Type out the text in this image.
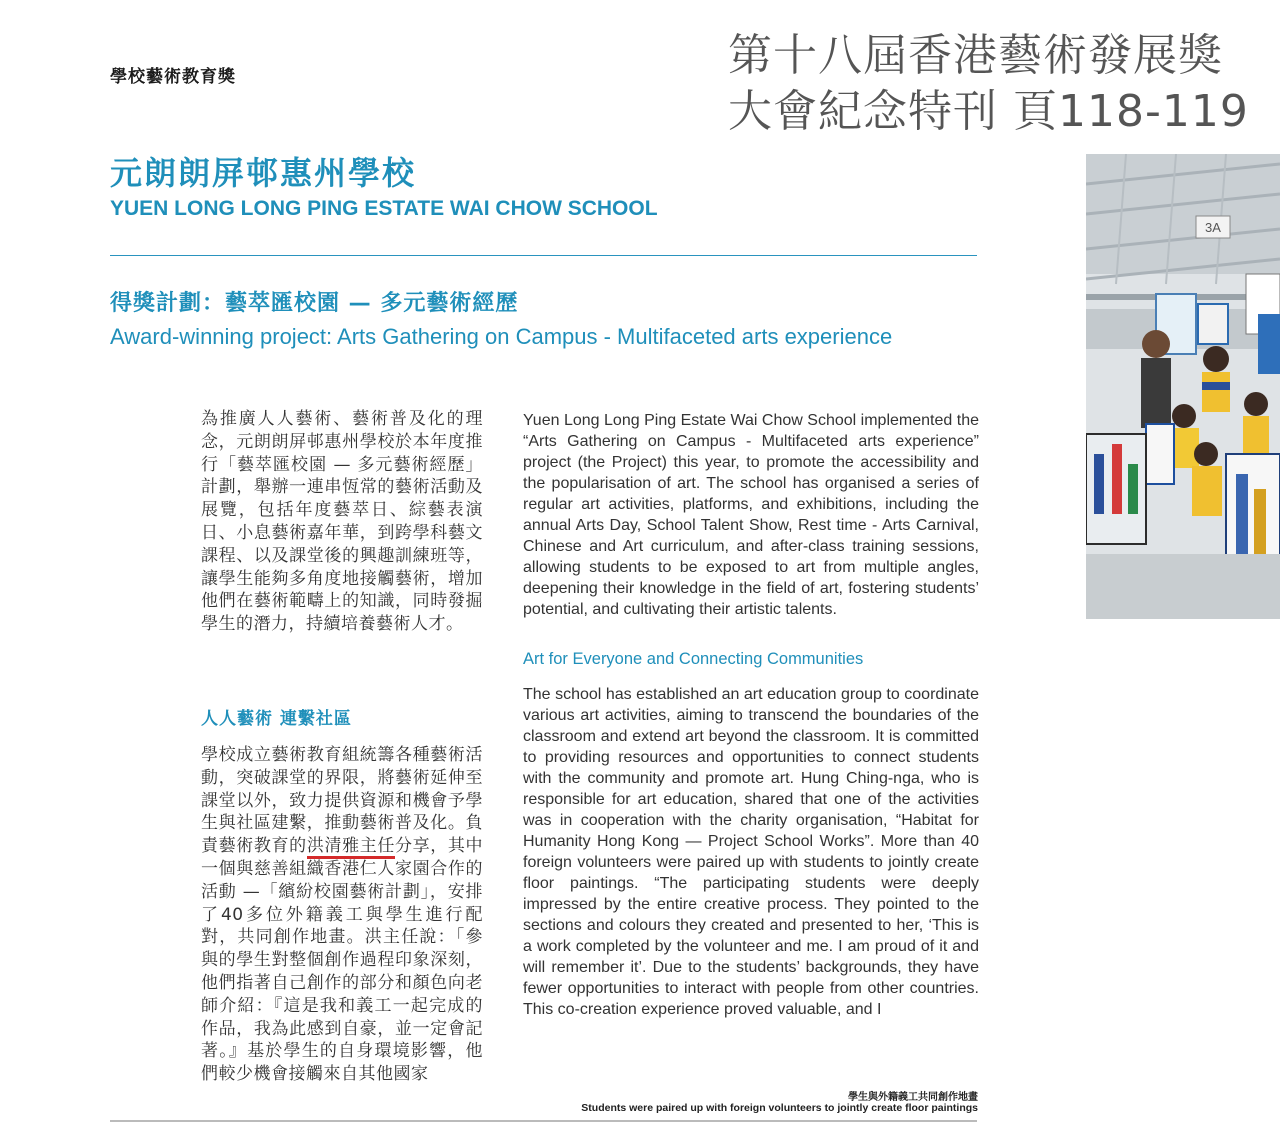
學校藝術教育獎	第十八屆香港藝術發展獎
大會紀念特刊 頁118-119
元朗朗屏邨惠州學校
YUEN LONG LONG PING ESTATE WAI CHOW SCHOOL
得獎計劃：藝萃匯校園 — 多元藝術經歷
Award-winning project: Arts Gathering on Campus - Multifaceted arts experience
為推廣人人藝術、藝術普及化的理念，元朗朗屏邨惠州學校於本年度推行「藝萃匯校園 — 多元藝術經歷」計劃，舉辦一連串恆常的藝術活動及展覽，包括年度藝萃日、綜藝表演日、小息藝術嘉年華，到跨學科藝文課程、以及課堂後的興趣訓練班等，讓學生能夠多角度地接觸藝術，增加他們在藝術範疇上的知識，同時發掘學生的潛力，持續培養藝術人才。
人人藝術 連繫社區
學校成立藝術教育組統籌各種藝術活動，突破課堂的界限，將藝術延伸至課堂以外，致力提供資源和機會予學生與社區建繫，推動藝術普及化。負責藝術教育的洪清雅主任分享，其中一個與慈善組織香港仁人家園合作的活動 —「繽紛校園藝術計劃」，安排了40多位外籍義工與學生進行配對，共同創作地畫。洪主任說：「參與的學生對整個創作過程印象深刻，他們指著自己創作的部分和顏色向老師介紹：『這是我和義工一起完成的作品，我為此感到自豪，並一定會記著。』基於學生的自身環境影響，他們較少機會接觸來自其他國家
Yuen Long Long Ping Estate Wai Chow School implemented the “Arts Gathering on Campus - Multifaceted arts experience” project (the Project) this year, to promote the accessibility and the popularisation of art. The school has organised a series of regular art activities, platforms, and exhibitions, including the annual Arts Day, School Talent Show, Rest time - Arts Carnival, Chinese and Art curriculum, and after-class training sessions, allowing students to be exposed to art from multiple angles, deepening their knowledge in the field of art, fostering students’ potential, and cultivating their artistic talents.
Art for Everyone and Connecting Communities
The school has established an art education group to coordinate various art activities, aiming to transcend the boundaries of the classroom and extend art beyond the classroom. It is committed to providing resources and opportunities to connect students with the community and promote art. Hung Ching-nga, who is responsible for art education, shared that one of the activities was in cooperation with the charity organisation, “Habitat for Humanity Hong Kong — Project School Works”. More than 40 foreign volunteers were paired up with students to jointly create floor paintings. “The participating students were deeply impressed by the entire creative process. They pointed to the sections and colours they created and presented to her, ‘This is a work completed by the volunteer and me. I am proud of it and will remember it’. Due to the students’ backgrounds, they have fewer opportunities to interact with people from other countries. This co-creation experience proved valuable, and I
3A
學生與外籍義工共同創作地畫
Students were paired up with foreign volunteers to jointly create floor paintings
